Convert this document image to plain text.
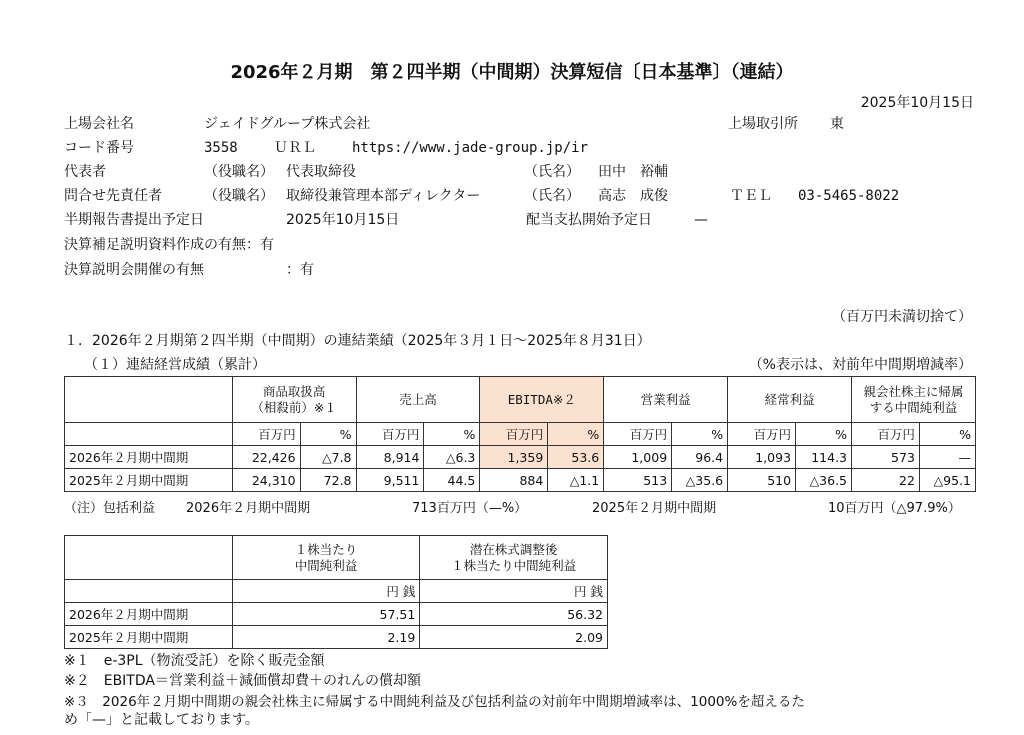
2026年２月期　第２四半期（中間期）決算短信〔日本基準〕（連結）
2025年10月15日
上場会社名	ジェイドグループ株式会社	上場取引所 東
コード番号	3558	ＵＲＬ	https://www.jade-group.jp/ir
代表者	（役職名） 代表取締役	（氏名） 田中　裕輔
問合せ先責任者	（役職名） 取締役兼管理本部ディレクター	（氏名） 高志　成俊	ＴＥＬ 03-5465-8022
半期報告書提出予定日	2025年10月15日	配当支払開始予定日	—
決算補足説明資料作成の有無：有
決算説明会開催の有無	：有
（百万円未満切捨て）
１．2026年２月期第２四半期（中間期）の連結業績（2025年３月１日～2025年８月31日）
（１）連結経営成績（累計）	（%表示は、対前年中間期増減率）
	商品取扱高
（相殺前）※１		売上高		EBITDA※２		営業利益		経常利益		親会社株主に帰属
する中間純利益	
	百万円	%	百万円	%	百万円	%	百万円	%	百万円	%	百万円	%
2026年２月期中間期	22,426	△7.8	8,914	△6.3	1,359	53.6	1,009	96.4	1,093	114.3	573	—
2025年２月期中間期	24,310	72.8	9,511	44.5	884	△1.1	513	△35.6	510	△36.5	22	△95.1
（注）包括利益 2026年２月期中間期	713百万円（—%）	2025年２月期中間期	10百万円（△97.9%）
	１株当たり
中間純利益	潜在株式調整後
１株当たり中間純利益
	円 銭	円 銭
2026年２月期中間期	57.51	56.32
2025年２月期中間期	2.19	2.09
※１　e-3PL（物流受託）を除く販売金額
※２　EBITDA＝営業利益＋減価償却費＋のれんの償却額
※３　2026年２月期中間期の親会社株主に帰属する中間純利益及び包括利益の対前年中間期増減率は、1000%を超えるた
め「—」と記載しております。
